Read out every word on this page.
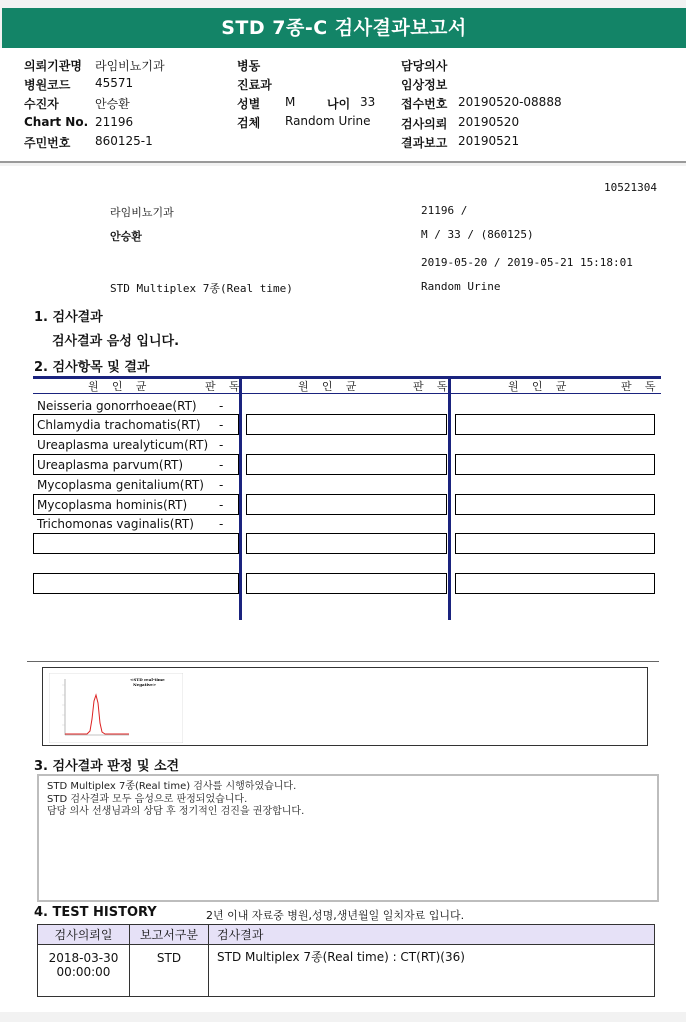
STD 7종-C 검사결과보고서
의뢰기관명 라임비뇨기과
병원코드 45571
수진자	안승환
Chart No. 21196
주민번호 860125-1
병동
진료과
성별 M	나이 33
검체 Random Urine
담당의사
임상정보
접수번호 20190520-08888
검사의뢰 20190520
결과보고 20190521
10521304
라임비뇨기과	21196 /
안승환	M / 33 / (860125)
2019-05-20 / 2019-05-21 15:18:01
STD Multiplex 7종(Real time)	Random Urine
1. 검사결과
검사결과 음성 입니다.
2. 검사항목 및 결과
원  인  균	판  독	원  인  균	판  독	원  인  균	판  독
Neisseria gonorrhoeae(RT) -
Chlamydia trachomatis(RT) -
Ureaplasma urealyticum(RT) -
Ureaplasma parvum(RT)	-
Mycoplasma genitalium(RT) -
Mycoplasma hominis(RT)	-
Trichomonas vaginalis(RT) -
<STD real-time
Negative>
3. 검사결과 판정 및 소견
STD Multiplex 7종(Real time) 검사를 시행하였습니다.
STD 검사결과 모두 음성으로 판정되었습니다.
담당 의사 선생님과의 상담 후 정기적인 검진을 권장합니다.
4. TEST HISTORY	2년 이내 자료중 병원,성명,생년월일 일치자료 입니다.
검사의뢰일	보고서구분	검사결과

2018-03-30
00:00:00	STD	STD Multiplex 7종(Real time) : CT(RT)(36)
